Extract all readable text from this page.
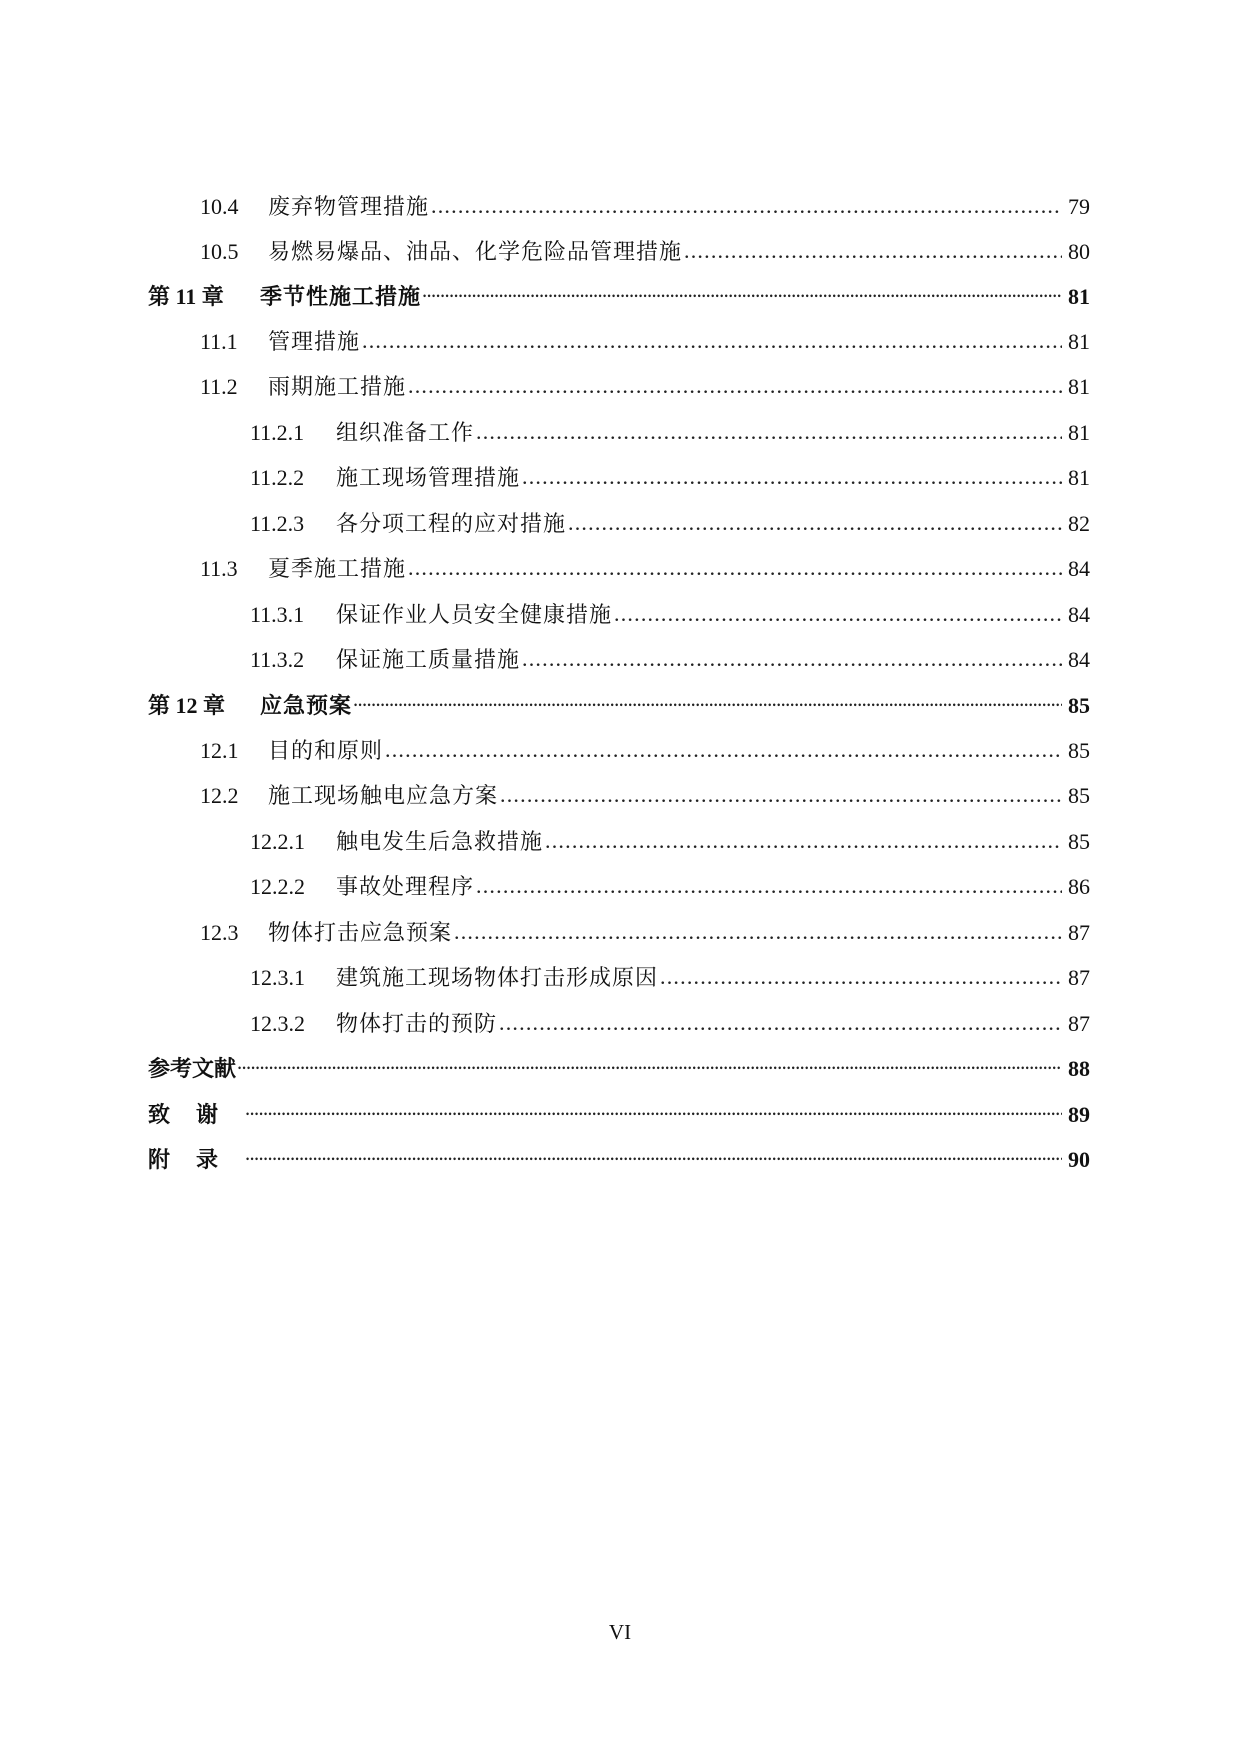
10.4	废弃物管理措施 .....	79
10.5	易燃易爆品、油品、化学危险品管理措施 .....	80
第 11 章	季节性施工措施 •••••	81
11.1	管理措施 .....	81
11.2	雨期施工措施 .....	81
11.2.1	组织准备工作 .....	81
11.2.2	施工现场管理措施 .....	81
11.2.3	各分项工程的应对措施 .....	82
11.3	夏季施工措施 .....	84
11.3.1	保证作业人员安全健康措施 .....	84
11.3.2	保证施工质量措施 .....	84
第 12 章	应急预案 •••••	85
12.1	目的和原则 .....	85
12.2	施工现场触电应急方案 .....	85
12.2.1	触电发生后急救措施 .....	85
12.2.2	事故处理程序 .....	86
12.3	物体打击应急预案 .....	87
12.3.1	建筑施工现场物体打击形成原因 .....	87
12.3.2	物体打击的预防 .....	87
参考文献 •••••	88
致谢 •••••	89
附录 •••••	90
VI
